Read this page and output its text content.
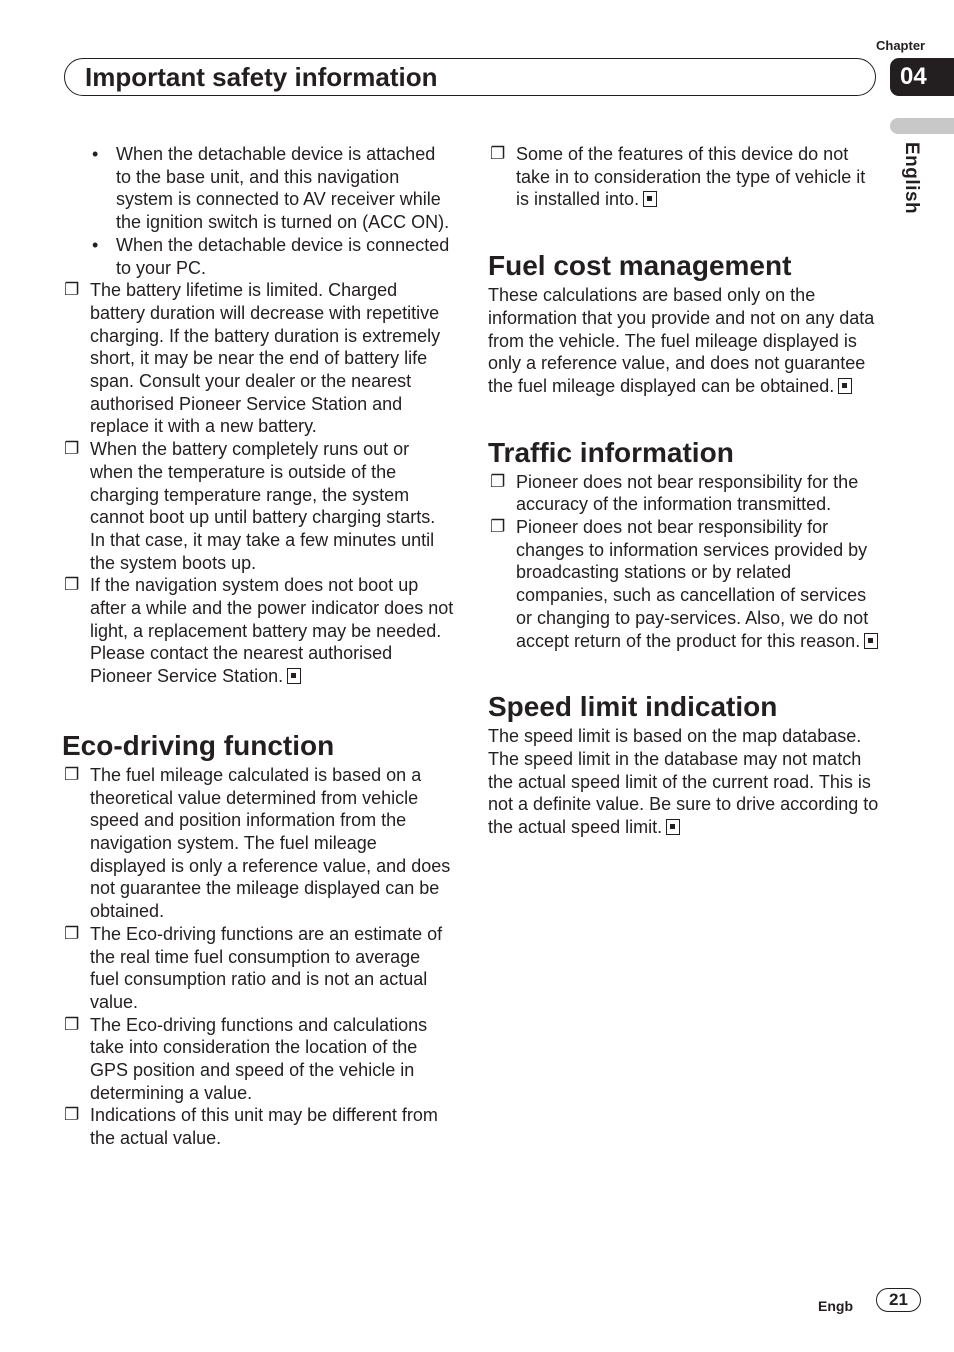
Chapter
04
Important safety information
English
• When the detachable device is attached to the base unit, and this navigation system is connected to AV receiver while the ignition switch is turned on (ACC ON).
• When the detachable device is connected to your PC.
❐ The battery lifetime is limited. Charged battery duration will decrease with repetitive charging. If the battery duration is extremely short, it may be near the end of battery life span. Consult your dealer or the nearest authorised Pioneer Service Station and replace it with a new battery.
❐ When the battery completely runs out or when the temperature is outside of the charging temperature range, the system cannot boot up until battery charging starts. In that case, it may take a few minutes until the system boots up.
❐ If the navigation system does not boot up after a while and the power indicator does not light, a replacement battery may be needed.
Please contact the nearest authorised Pioneer Service Station.
Eco-driving function
❐ The fuel mileage calculated is based on a theoretical value determined from vehicle speed and position information from the navigation system. The fuel mileage displayed is only a reference value, and does not guarantee the mileage displayed can be obtained.
❐ The Eco-driving functions are an estimate of the real time fuel consumption to average fuel consumption ratio and is not an actual value.
❐ The Eco-driving functions and calculations take into consideration the location of the GPS position and speed of the vehicle in determining a value.
❐ Indications of this unit may be different from the actual value.
❐ Some of the features of this device do not take in to consideration the type of vehicle it is installed into.
Fuel cost management

These calculations are based only on the information that you provide and not on any data from the vehicle. The fuel mileage displayed is only a reference value, and does not guarantee the fuel mileage displayed can be obtained.

Traffic information
❐ Pioneer does not bear responsibility for the accuracy of the information transmitted.
❐ Pioneer does not bear responsibility for changes to information services provided by broadcasting stations or by related companies, such as cancellation of services or changing to pay-services. Also, we do not accept return of the product for this reason.
Speed limit indication

The speed limit is based on the map database. The speed limit in the database may not match the actual speed limit of the current road. This is not a definite value. Be sure to drive according to the actual speed limit.

Engb	21
